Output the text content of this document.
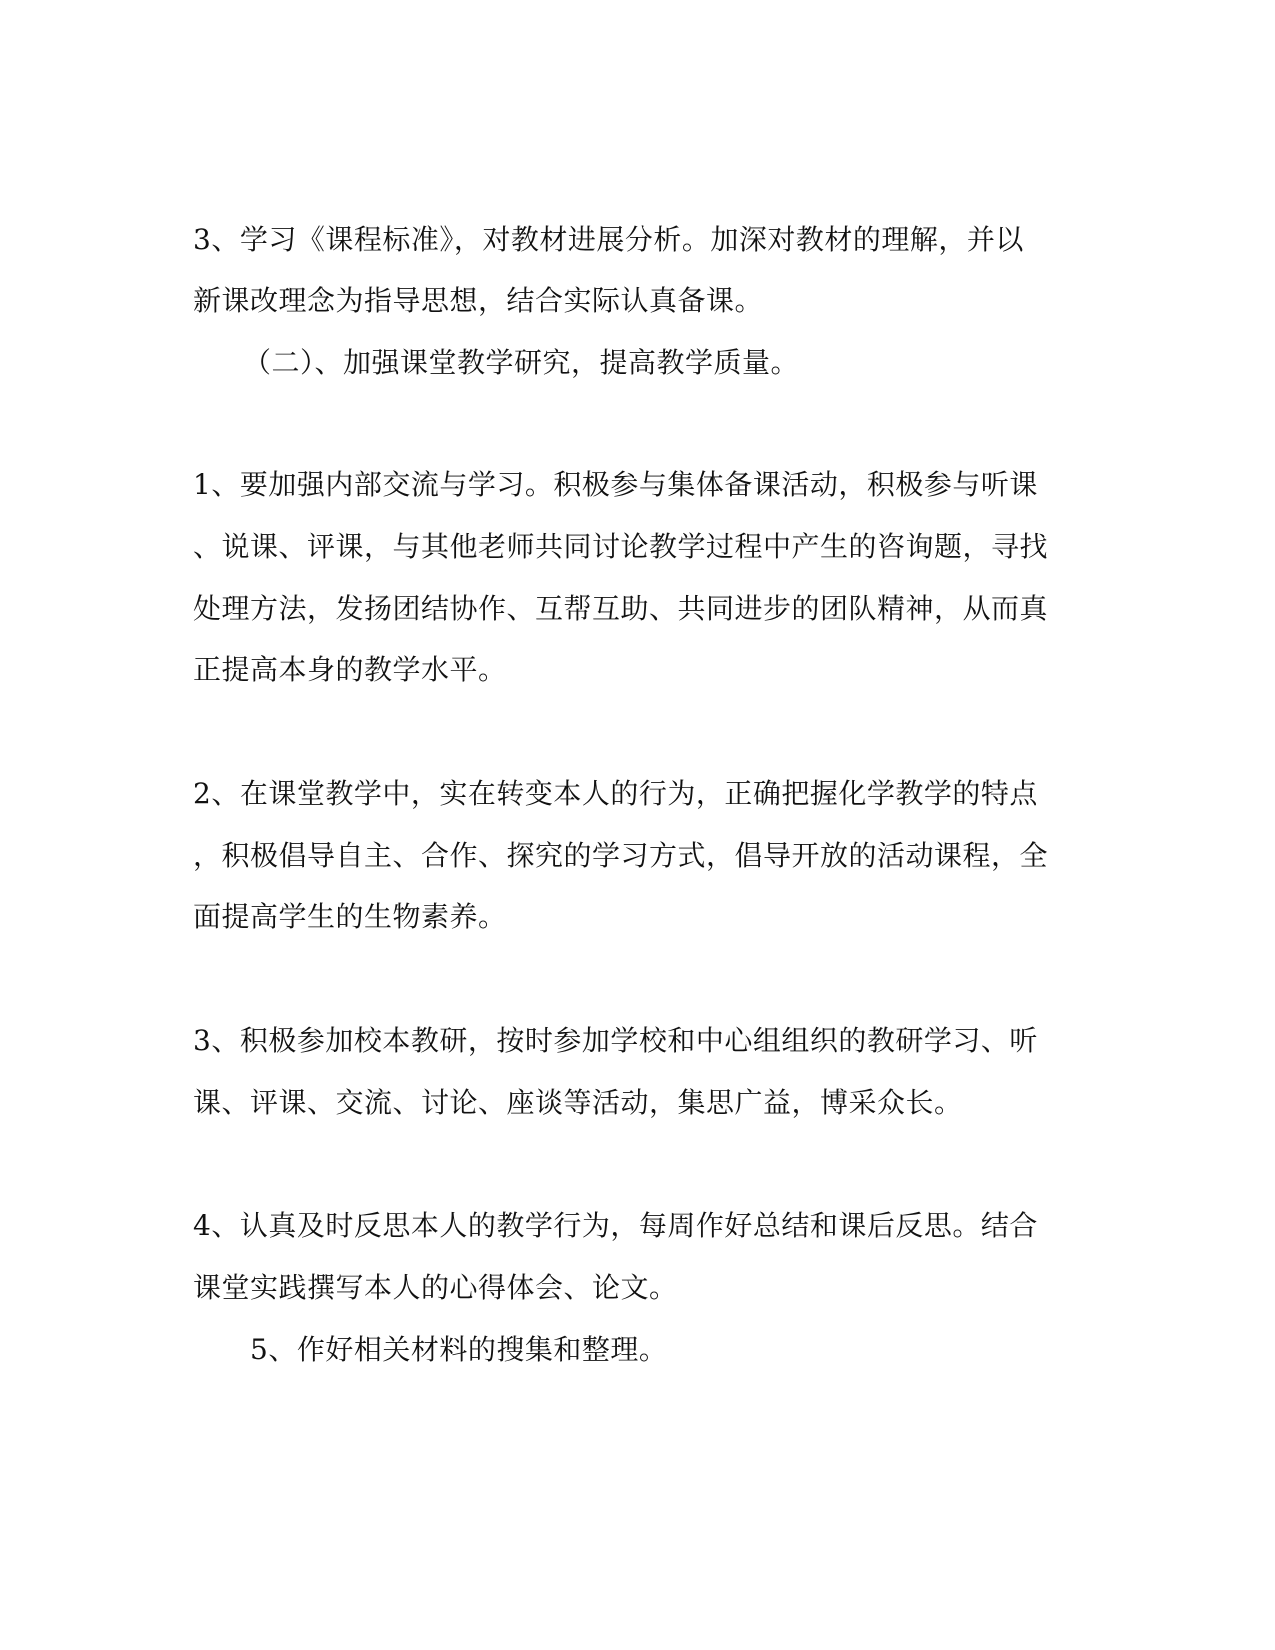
3、学习《课程标准》，对教材进展分析。加深对教材的理解，并以
新课改理念为指导思想，结合实际认真备课。
（二）、加强课堂教学研究，提高教学质量。
1、要加强内部交流与学习。积极参与集体备课活动，积极参与听课
、说课、评课，与其他老师共同讨论教学过程中产生的咨询题，寻找
处理方法，发扬团结协作、互帮互助、共同进步的团队精神，从而真
正提高本身的教学水平。
2、在课堂教学中，实在转变本人的行为，正确把握化学教学的特点
，积极倡导自主、合作、探究的学习方式，倡导开放的活动课程，全
面提高学生的生物素养。
3、积极参加校本教研，按时参加学校和中心组组织的教研学习、听
课、评课、交流、讨论、座谈等活动，集思广益，博采众长。
4、认真及时反思本人的教学行为，每周作好总结和课后反思。结合
课堂实践撰写本人的心得体会、论文。
5、作好相关材料的搜集和整理。
